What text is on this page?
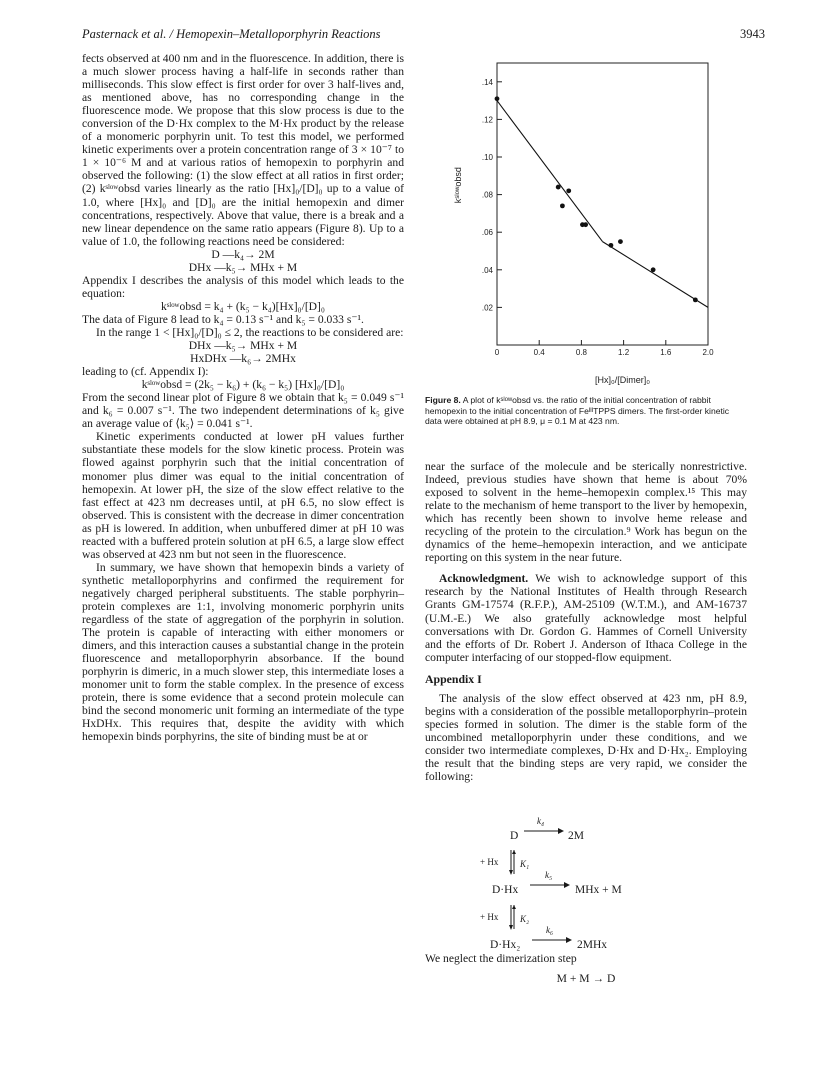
Pasternack et al. / Hemopexin–Metalloporphyrin Reactions	3943

fects observed at 400 nm and in the fluorescence. In addition, there is a much slower process having a half-life in seconds rather than milliseconds. This slow effect is first order for over 3 half-lives and, as mentioned above, has no corresponding change in the fluorescence mode. We propose that this slow process is due to the conversion of the D·Hx complex to the M·Hx product by the release of a monomeric porphyrin unit. To test this model, we performed kinetic experiments over a protein concentration range of 3 × 10⁻⁷ to 1 × 10⁻⁶ M and at various ratios of hemopexin to porphyrin and observed the following: (1) the slow effect at all ratios in first order; (2) kˢˡᵒʷobsd varies linearly as the ratio [Hx]₀/[D]₀ up to a value of 1.0, where [Hx]₀ and [D]₀ are the initial hemopexin and dimer concentrations, respectively. Above that value, there is a break and a new linear dependence on the same ratio appears (Figure 8). Up to a value of 1.0, the following reactions need be considered:

D —k₄→ 2M

DHx —k₅→ MHx + M

Appendix I describes the analysis of this model which leads to the equation:

kˢˡᵒʷobsd = k₄ + (k₅ − k₄)[Hx]₀/[D]₀

The data of Figure 8 lead to k₄ = 0.13 s⁻¹ and k₅ = 0.033 s⁻¹.

In the range 1 < [Hx]₀/[D]₀ ≤ 2, the reactions to be considered are:

DHx —k₅→ MHx + M

HxDHx —k₆→ 2MHx

leading to (cf. Appendix I):

kˢˡᵒʷobsd = (2k₅ − k₆) + (k₆ − k₅) [Hx]₀/[D]₀

From the second linear plot of Figure 8 we obtain that k₅ = 0.049 s⁻¹ and k₆ = 0.007 s⁻¹. The two independent determinations of k₅ give an average value of ⟨k₅⟩ = 0.041 s⁻¹.

Kinetic experiments conducted at lower pH values further substantiate these models for the slow kinetic process. Protein was flowed against porphyrin such that the initial concentration of monomer plus dimer was equal to the initial concentration of hemopexin. At lower pH, the size of the slow effect relative to the fast effect at 423 nm decreases until, at pH 6.5, no slow effect is observed. This is consistent with the decrease in dimer concentration as pH is lowered. In addition, when unbuffered dimer at pH 10 was reacted with a buffered protein solution at pH 6.5, a large slow effect was observed at 423 nm but not seen in the fluorescence.

In summary, we have shown that hemopexin binds a variety of synthetic metalloporphyrins and confirmed the requirement for negatively charged peripheral substituents. The stable porphyrin–protein complexes are 1:1, involving monomeric porphyrin units regardless of the state of aggregation of the porphyrin in solution. The protein is capable of interacting with either monomers or dimers, and this interaction causes a substantial change in the protein fluorescence and metalloporphyrin absorbance. If the bound porphyrin is dimeric, in a much slower step, this intermediate loses a monomer unit to form the stable complex. In the presence of excess protein, there is some evidence that a second protein molecule can bind the second monomeric unit forming an intermediate of the type HxDHx. This requires that, despite the avidity with which hemopexin binds porphyrins, the site of binding must be at or

.02
.04
.06
.08
.10
.12
.14
0	0.4	0.8	1.2	1.6	2.0
[Hx]₀/[Dimer]₀
kˢˡᵒʷobsd
Figure 8. A plot of kˢˡᵒʷobsd vs. the ratio of the initial concentration of rabbit hemopexin to the initial concentration of FeᴵᴵᴵTPPS dimers. The first-order kinetic data were obtained at pH 8.9, μ = 0.1 M at 423 nm.

near the surface of the molecule and be sterically nonrestrictive. Indeed, previous studies have shown that heme is about 70% exposed to solvent in the heme–hemopexin complex.¹⁵ This may relate to the mechanism of heme transport to the liver by hemopexin, which has recently been shown to involve heme release and recycling of the protein to the circulation.⁹ Work has begun on the dynamics of the heme–hemopexin interaction, and we anticipate reporting on this system in the near future.

Acknowledgment. We wish to acknowledge support of this research by the National Institutes of Health through Research Grants GM-17574 (R.F.P.), AM-25109 (W.T.M.), and AM-16737 (U.M.-E.) We also gratefully acknowledge most helpful conversations with Dr. Gordon G. Hammes of Cornell University and the efforts of Dr. Robert J. Anderson of Ithaca College in the computer interfacing of our stopped-flow equipment.

Appendix I

The analysis of the slow effect observed at 423 nm, pH 8.9, begins with a consideration of the possible metalloporphyrin–protein species formed in solution. The dimer is the stable form of the uncombined metalloporphyrin under these conditions, and we consider two intermediate complexes, D·Hx and D·Hx₂. Employing the result that the binding steps are very rapid, we consider the following:

D
k₄
2M
+ Hx K₁
D·Hx
k₅
MHx + M
+ Hx K₂
D·Hx₂
k₆
2MHx
We neglect the dimerization step
M + M → D
